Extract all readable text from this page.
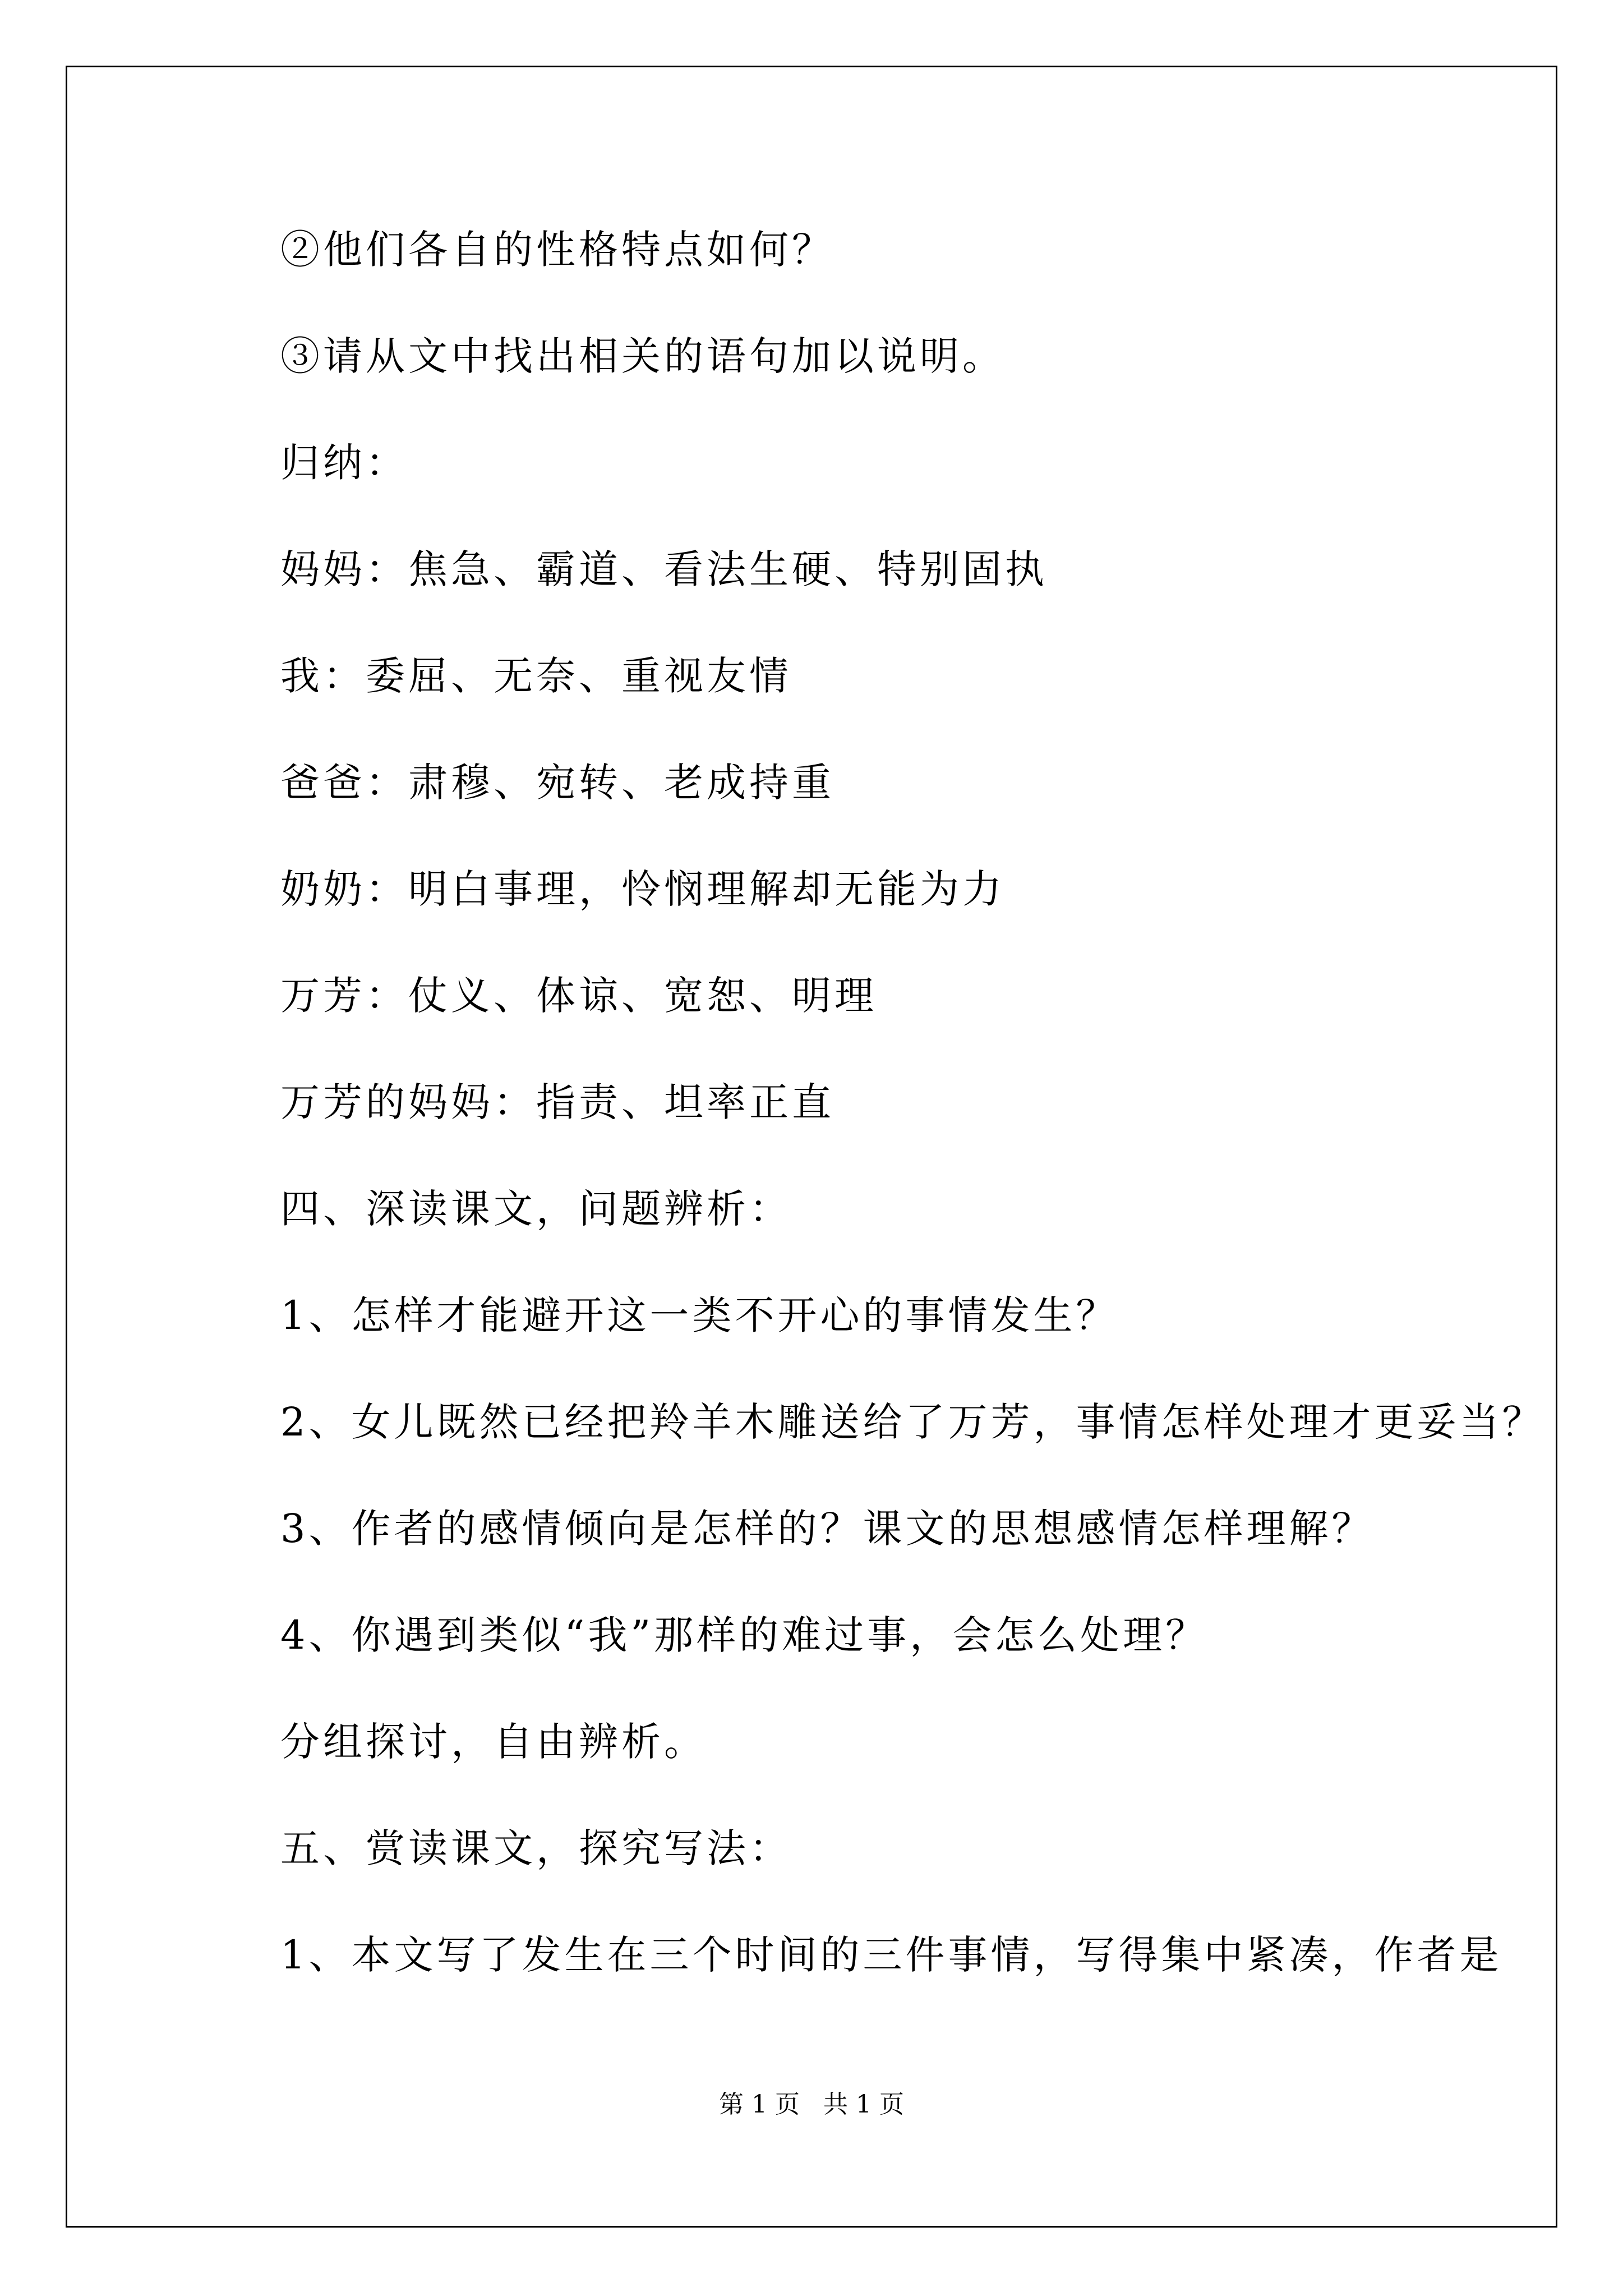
②他们各自的性格特点如何？

③请从文中找出相关的语句加以说明。

归纳：

妈妈：焦急、霸道、看法生硬、特别固执

我：委屈、无奈、重视友情

爸爸：肃穆、宛转、老成持重

奶奶：明白事理，怜悯理解却无能为力

万芳：仗义、体谅、宽恕、明理

万芳的妈妈：指责、坦率正直

四、深读课文，问题辨析：

1、怎样才能避开这一类不开心的事情发生？

2、女儿既然已经把羚羊木雕送给了万芳，事情怎样处理才更妥当？

3、作者的感情倾向是怎样的？课文的思想感情怎样理解？

4、你遇到类似“我”那样的难过事，会怎么处理？

分组探讨，自由辨析。

五、赏读课文，探究写法：

1、本文写了发生在三个时间的三件事情，写得集中紧凑，作者是

第 1 页 共 1 页
